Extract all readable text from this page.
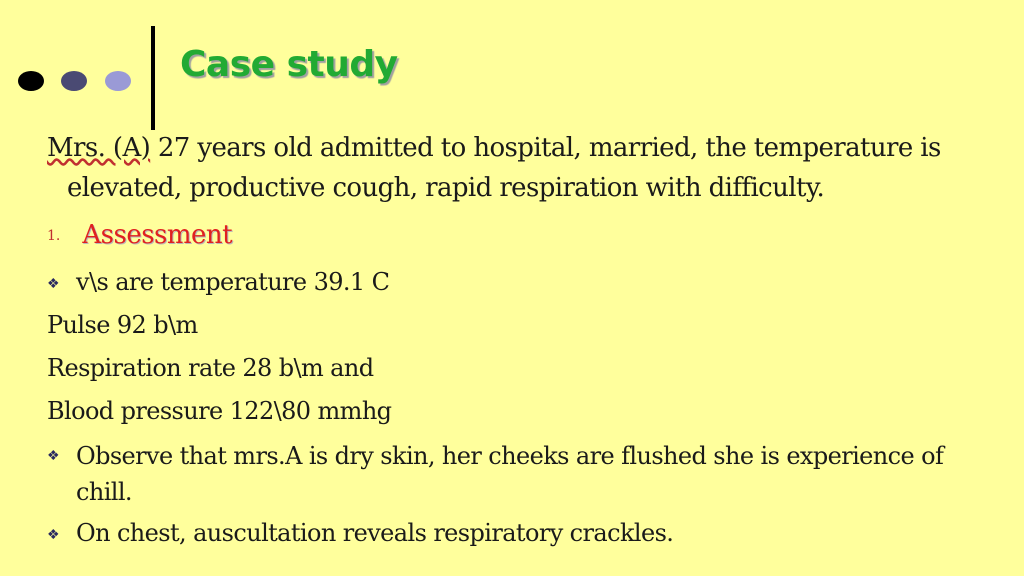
Case study
Mrs. (A) 27 years old admitted to hospital, married, the temperature is elevated, productive cough, rapid respiration with difficulty.
1. Assessment
❖ v\s are temperature 39.1 C
Pulse 92 b\m
Respiration rate 28 b\m and
Blood pressure 122\80 mmhg
❖ Observe that mrs.A is dry skin, her cheeks are flushed she is experience of chill.
❖ On chest, auscultation reveals respiratory crackles.
